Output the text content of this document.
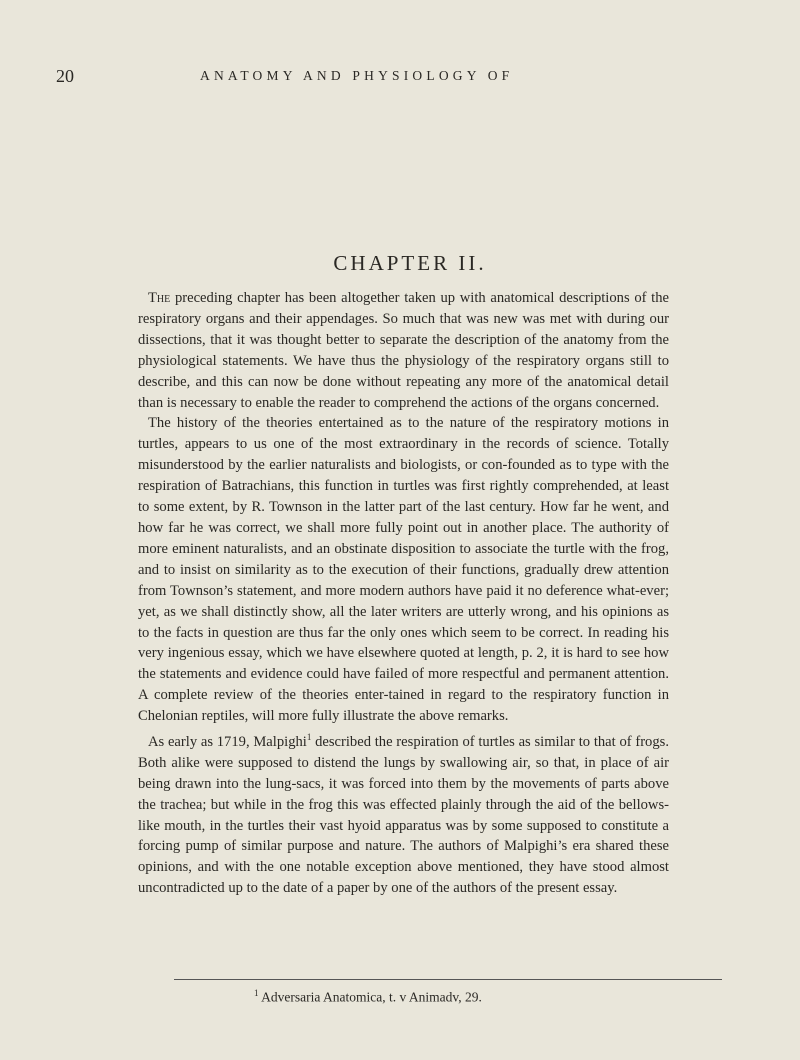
20	ANATOMY AND PHYSIOLOGY OF
CHAPTER II.

The preceding chapter has been altogether taken up with anatomical descriptions of the respiratory organs and their appendages. So much that was new was met with during our dissections, that it was thought better to separate the description of the anatomy from the physiological statements. We have thus the physiology of the respiratory organs still to describe, and this can now be done without repeating any more of the anatomical detail than is necessary to enable the reader to comprehend the actions of the organs concerned.

The history of the theories entertained as to the nature of the respiratory motions in turtles, appears to us one of the most extraordinary in the records of science. Totally misunderstood by the earlier naturalists and biologists, or con-founded as to type with the respiration of Batrachians, this function in turtles was first rightly comprehended, at least to some extent, by R. Townson in the latter part of the last century. How far he went, and how far he was correct, we shall more fully point out in another place. The authority of more eminent naturalists, and an obstinate disposition to associate the turtle with the frog, and to insist on similarity as to the execution of their functions, gradually drew attention from Townson’s statement, and more modern authors have paid it no deference what-ever; yet, as we shall distinctly show, all the later writers are utterly wrong, and his opinions as to the facts in question are thus far the only ones which seem to be correct. In reading his very ingenious essay, which we have elsewhere quoted at length, p. 2, it is hard to see how the statements and evidence could have failed of more respectful and permanent attention. A complete review of the theories enter-tained in regard to the respiratory function in Chelonian reptiles, will more fully illustrate the above remarks.

As early as 1719, Malpighi$^1$ described the respiration of turtles as similar to that of frogs. Both alike were supposed to distend the lungs by swallowing air, so that, in place of air being drawn into the lung-sacs, it was forced into them by the movements of parts above the trachea; but while in the frog this was effected plainly through the aid of the bellows-like mouth, in the turtles their vast hyoid apparatus was by some supposed to constitute a forcing pump of similar purpose and nature. The authors of Malpighi’s era shared these opinions, and with the one notable exception above mentioned, they have stood almost uncontradicted up to the date of a paper by one of the authors of the present essay.

$^1$ Adversaria Anatomica, t. v Animadv, 29.
